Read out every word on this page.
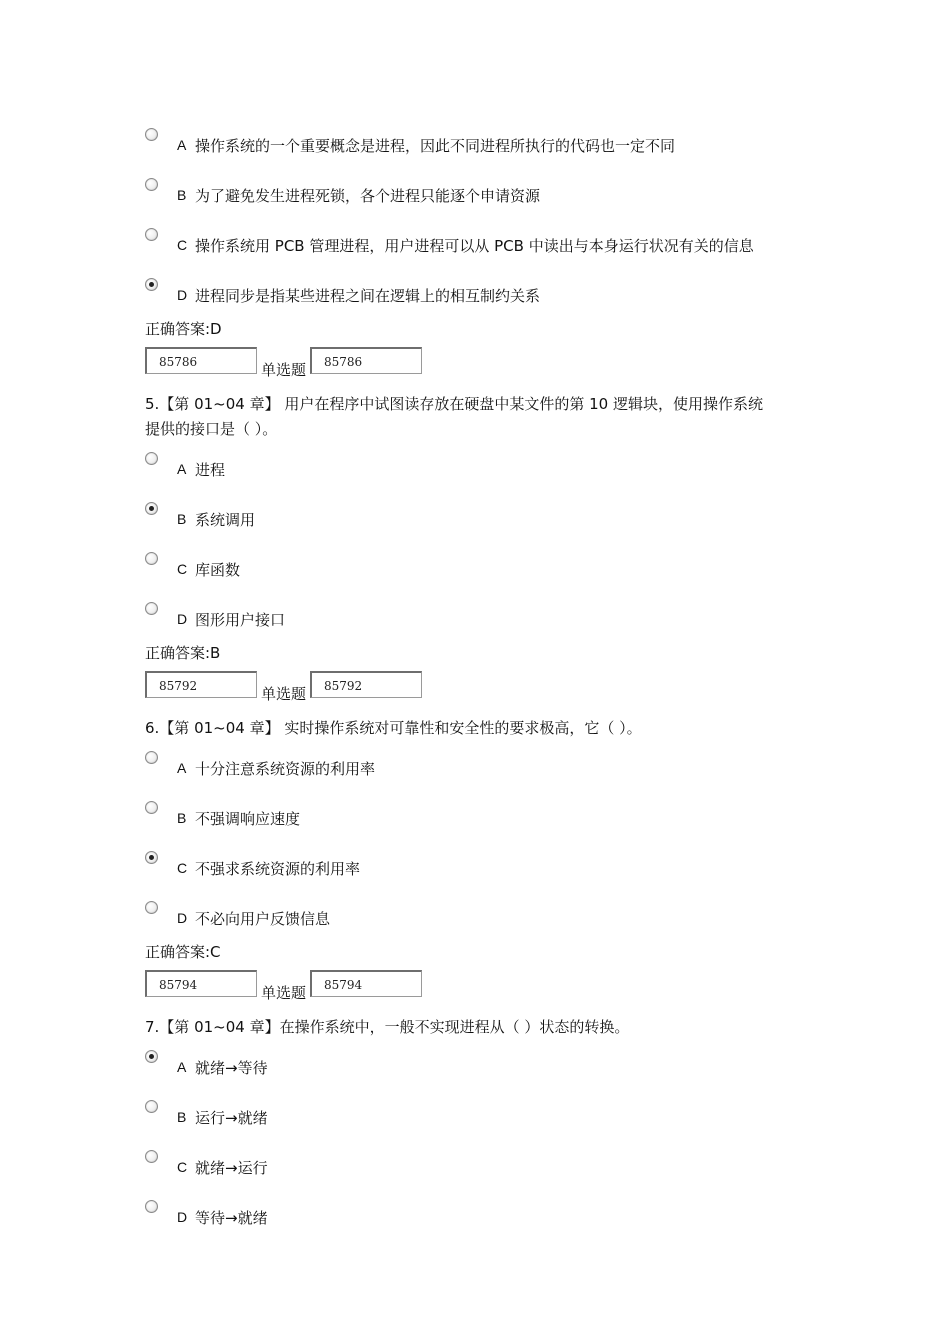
A 操作系统的一个重要概念是进程，因此不同进程所执行的代码也一定不同
B 为了避免发生进程死锁，各个进程只能逐个申请资源
C 操作系统用 PCB 管理进程，用户进程可以从 PCB 中读出与本身运行状况有关的信息
D 进程同步是指某些进程之间在逻辑上的相互制约关系
正确答案:D
85786	单选题	85786
5.【第 01~04 章】 用户在程序中试图读存放在硬盘中某文件的第 10 逻辑块，使用操作系统
提供的接口是（ ）。
A 进程
B 系统调用
C 库函数
D 图形用户接口
正确答案:B
85792	单选题	85792
6.【第 01~04 章】 实时操作系统对可靠性和安全性的要求极高，它（ ）。
A 十分注意系统资源的利用率
B 不强调响应速度
C 不强求系统资源的利用率
D 不必向用户反馈信息
正确答案:C
85794	单选题	85794
7.【第 01~04 章】在操作系统中，一般不实现进程从（ ）状态的转换。
A 就绪→等待
B 运行→就绪
C 就绪→运行
D 等待→就绪
